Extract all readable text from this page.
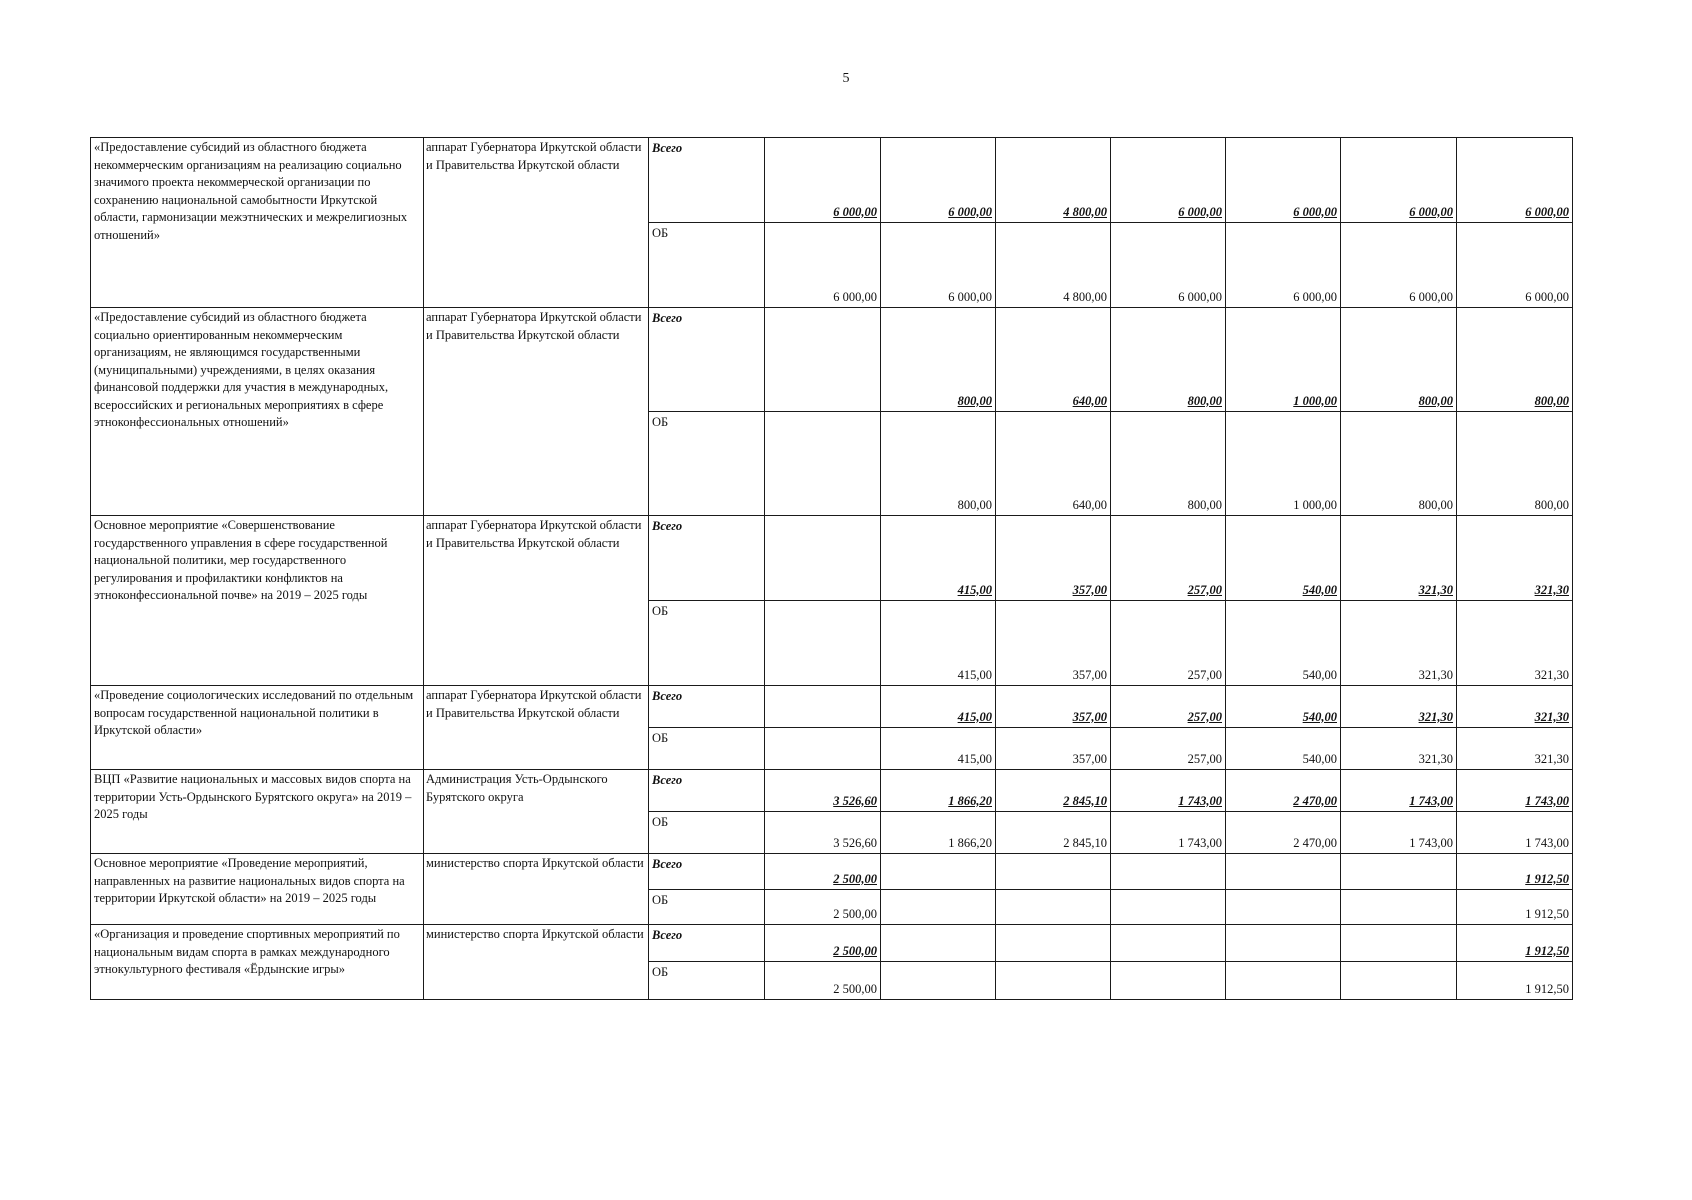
5
«Предоставление субсидий из областного бюджета некоммерческим организациям на реализацию социально значимого проекта некоммерческой организации по сохранению национальной самобытности Иркутской области, гармонизации межэтнических и межрелигиозных отношений»	аппарат Губернатора Иркутской области и Правительства Иркутской области	Всего	6 000,00	6 000,00	4 800,00	6 000,00	6 000,00	6 000,00	6 000,00
		ОБ	6 000,00	6 000,00	4 800,00	6 000,00	6 000,00	6 000,00	6 000,00
«Предоставление субсидий из областного бюджета социально ориентированным некоммерческим организациям, не являющимся государственными (муниципальными) учреждениями, в целях оказания финансовой поддержки для участия в международных, всероссийских и региональных мероприятиях в сфере этноконфессиональных отношений»	аппарат Губернатора Иркутской области и Правительства Иркутской области	Всего		800,00	640,00	800,00	1 000,00	800,00	800,00
		ОБ		800,00	640,00	800,00	1 000,00	800,00	800,00
Основное мероприятие «Совершенствование государственного управления в сфере государственной национальной политики, мер государственного регулирования и профилактики конфликтов на этноконфессиональной почве» на 2019 – 2025 годы	аппарат Губернатора Иркутской области и Правительства Иркутской области	Всего		415,00	357,00	257,00	540,00	321,30	321,30
		ОБ		415,00	357,00	257,00	540,00	321,30	321,30
«Проведение социологических исследований по отдельным вопросам государственной национальной политики в Иркутской области»	аппарат Губернатора Иркутской области и Правительства Иркутской области	Всего		415,00	357,00	257,00	540,00	321,30	321,30
		ОБ		415,00	357,00	257,00	540,00	321,30	321,30
ВЦП «Развитие национальных и массовых видов спорта на территории Усть-Ордынского Бурятского округа» на 2019 – 2025 годы	Администрация Усть-Ордынского Бурятского округа	Всего	3 526,60	1 866,20	2 845,10	1 743,00	2 470,00	1 743,00	1 743,00
		ОБ	3 526,60	1 866,20	2 845,10	1 743,00	2 470,00	1 743,00	1 743,00
Основное мероприятие «Проведение мероприятий, направленных на развитие национальных видов спорта на территории Иркутской области» на 2019 – 2025 годы	министерство спорта Иркутской области	Всего	2 500,00						1 912,50
		ОБ	2 500,00						1 912,50
«Организация и проведение спортивных мероприятий по национальным видам спорта в рамках международного этнокультурного фестиваля «Ёрдынские игры»	министерство спорта Иркутской области	Всего	2 500,00						1 912,50
		ОБ	2 500,00						1 912,50
